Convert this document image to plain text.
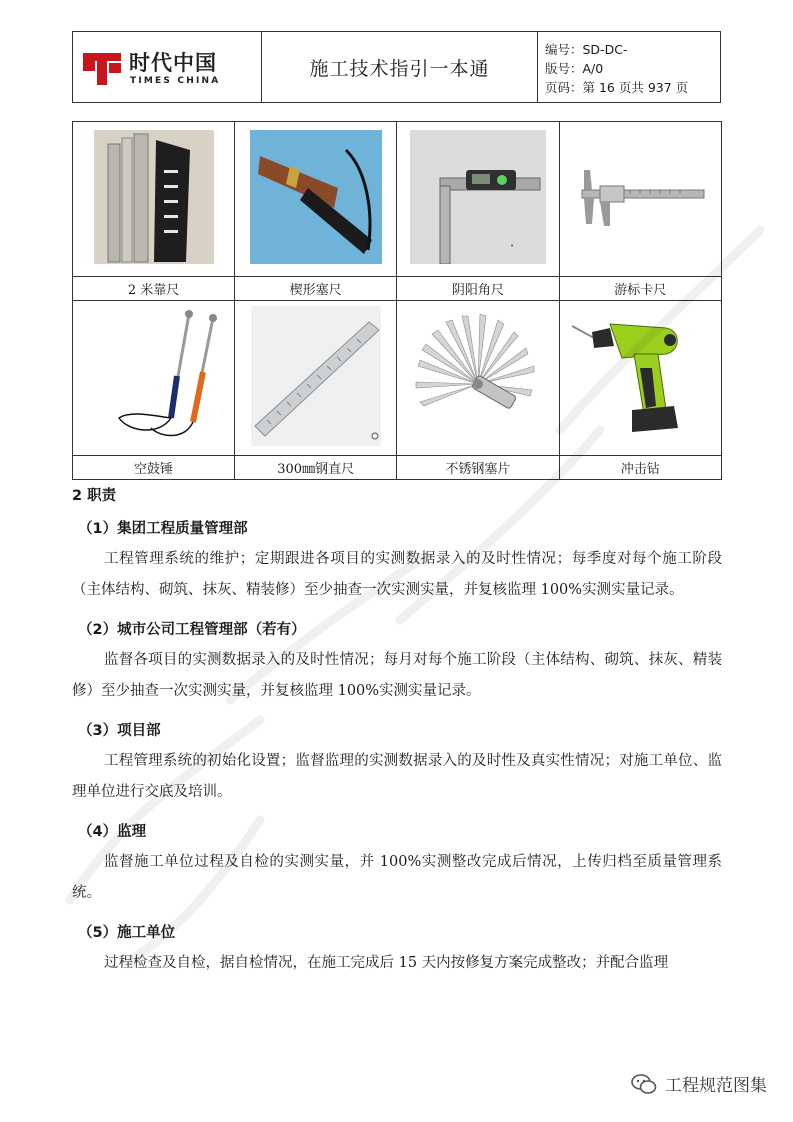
时代中国
TIMES CHINA
施工技术指引一本通
编号：SD-DC-
版号：A/0
页码：第 16 页共 937 页

•

2 米靠尺	楔形塞尺	阴阳角尺	游标卡尺

空鼓锤	300㎜钢直尺	不锈钢塞片	冲击钻
2 职责
（1）集团工程质量管理部

工程管理系统的维护；定期跟进各项目的实测数据录入的及时性情况；每季度对每个施工阶段（主体结构、砌筑、抹灰、精装修）至少抽查一次实测实量，并复核监理 100%实测实量记录。

（2）城市公司工程管理部（若有）

监督各项目的实测数据录入的及时性情况；每月对每个施工阶段（主体结构、砌筑、抹灰、精装修）至少抽查一次实测实量，并复核监理 100%实测实量记录。

（3）项目部

工程管理系统的初始化设置；监督监理的实测数据录入的及时性及真实性情况；对施工单位、监理单位进行交底及培训。

（4）监理

监督施工单位过程及自检的实测实量，并 100%实测整改完成后情况，上传归档至质量管理系统。

（5）施工单位

过程检查及自检，据自检情况，在施工完成后 15 天内按修复方案完成整改；并配合监理

工程规范图集
